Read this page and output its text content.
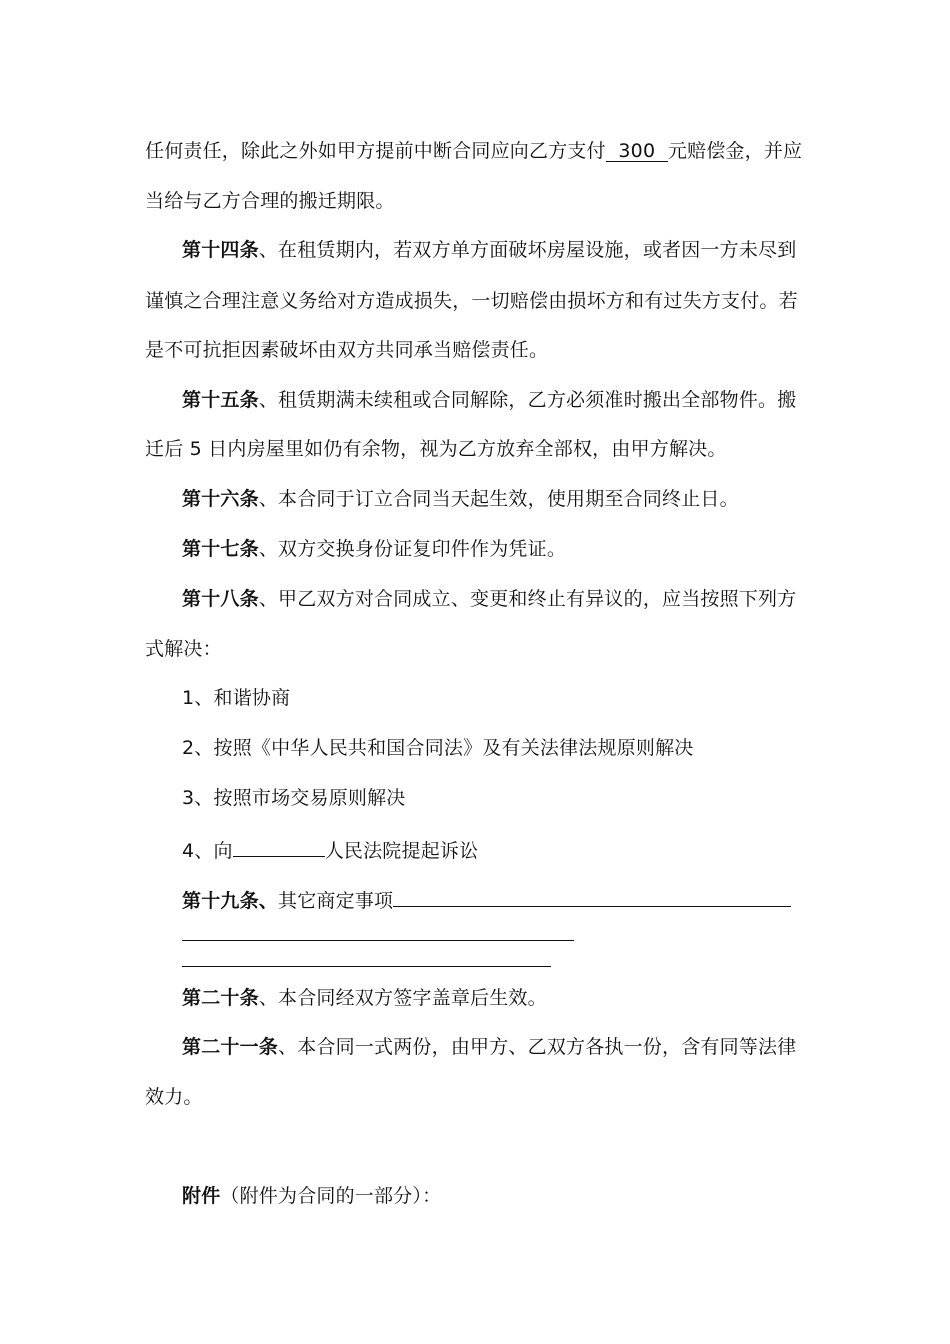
任何责任，除此之外如甲方提前中断合同应向乙方支付 300 元赔偿金，并应
当给与乙方合理的搬迁期限。
第十四条、在租赁期内，若双方单方面破坏房屋设施，或者因一方未尽到
谨慎之合理注意义务给对方造成损失，一切赔偿由损坏方和有过失方支付。若
是不可抗拒因素破坏由双方共同承当赔偿责任。
第十五条、租赁期满未续租或合同解除，乙方必须准时搬出全部物件。搬
迁后 5 日内房屋里如仍有余物，视为乙方放弃全部权，由甲方解决。
第十六条、本合同于订立合同当天起生效，使用期至合同终止日。
第十七条、双方交换身份证复印件作为凭证。
第十八条、甲乙双方对合同成立、变更和终止有异议的，应当按照下列方
式解决：
1、和谐协商
2、按照《中华人民共和国合同法》及有关法律法规原则解决
3、按照市场交易原则解决
4、向	人民法院提起诉讼
第十九条、其它商定事项
第二十条、本合同经双方签字盖章后生效。
第二十一条、本合同一式两份，由甲方、乙双方各执一份，含有同等法律
效力。
附件（附件为合同的一部分）：
